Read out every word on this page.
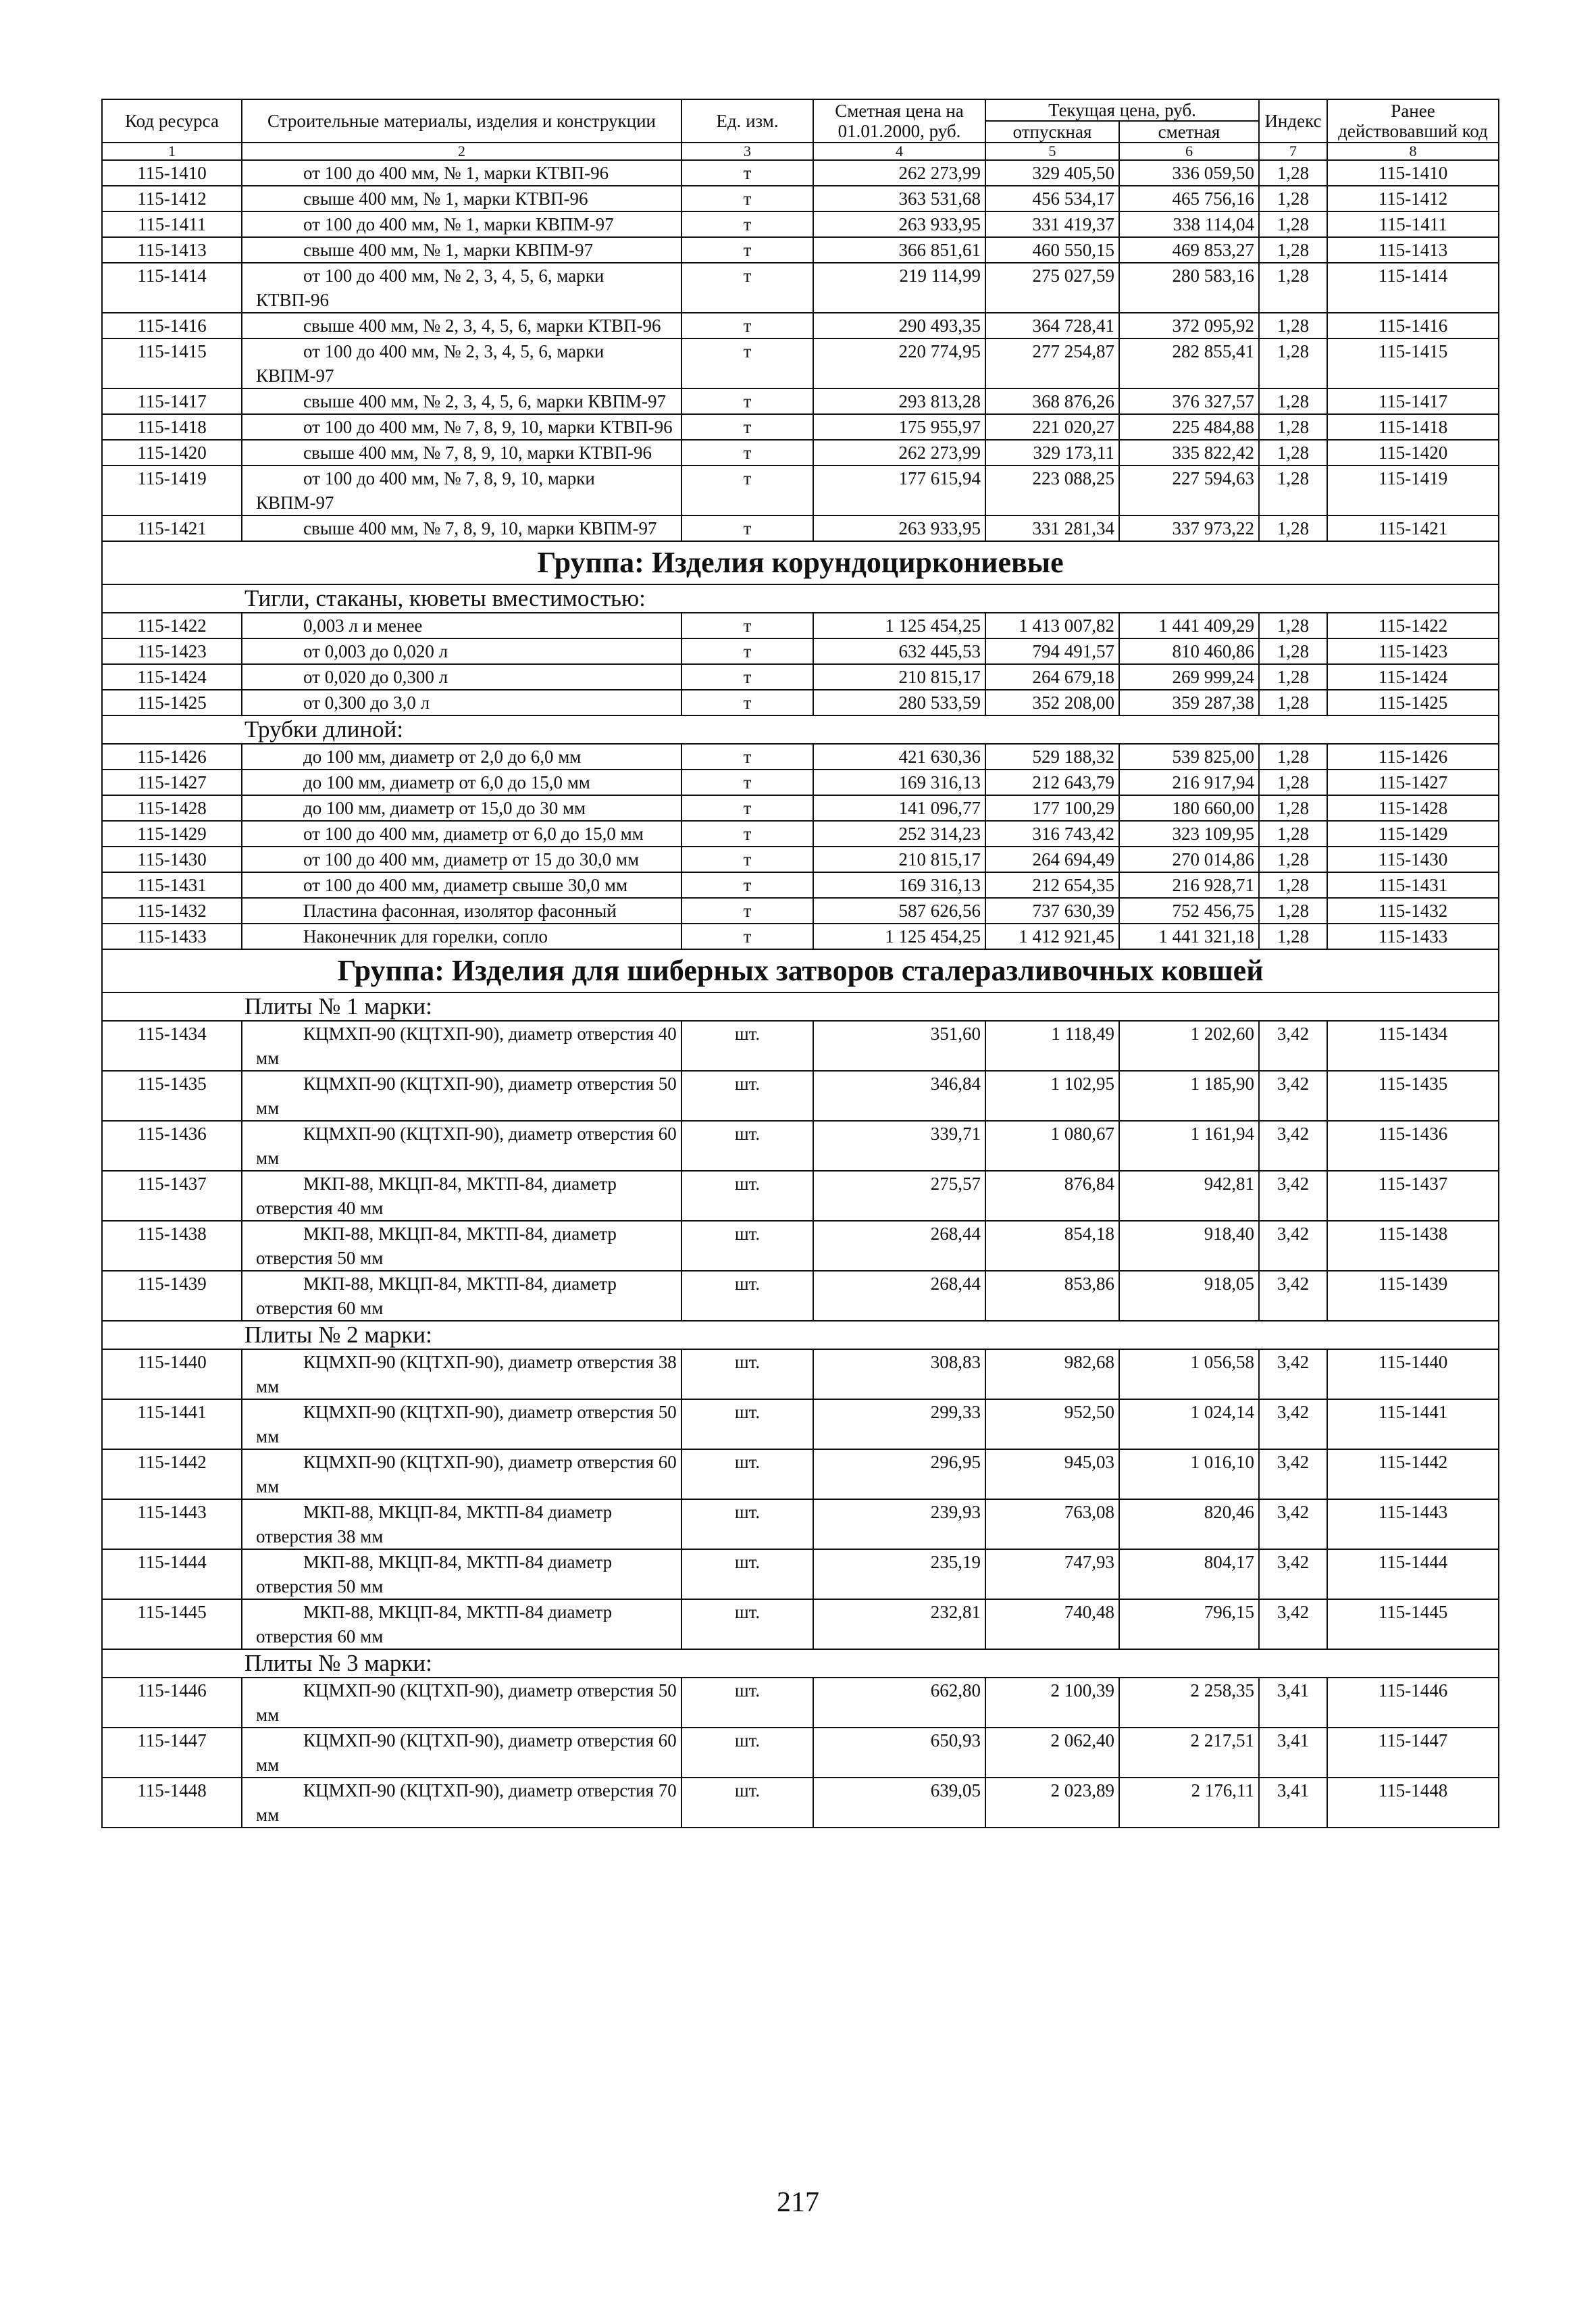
Код ресурса	Строительные материалы, изделия и конструкции	Ед. изм.	Сметная цена на 01.01.2000, руб.	Текущая цена, руб.		Индекс	Ранее действовавший код
				отпускная	сметная		
1	2	3	4	5	6	7	8
115-1410	от 100 до 400 мм, № 1, марки КТВП-96	т	262 273,99	329 405,50	336 059,50	1,28	115-1410
115-1412	свыше 400 мм, № 1, марки КТВП-96	т	363 531,68	456 534,17	465 756,16	1,28	115-1412
115-1411	от 100 до 400 мм, № 1, марки КВПМ-97	т	263 933,95	331 419,37	338 114,04	1,28	115-1411
115-1413	свыше 400 мм, № 1, марки КВПМ-97	т	366 851,61	460 550,15	469 853,27	1,28	115-1413
115-1414	от 100 до 400 мм, № 2, 3, 4, 5, 6, марки КТВП-96	т	219 114,99	275 027,59	280 583,16	1,28	115-1414
115-1416	свыше 400 мм, № 2, 3, 4, 5, 6, марки КТВП-96	т	290 493,35	364 728,41	372 095,92	1,28	115-1416
115-1415	от 100 до 400 мм, № 2, 3, 4, 5, 6, марки КВПМ-97	т	220 774,95	277 254,87	282 855,41	1,28	115-1415
115-1417	свыше 400 мм, № 2, 3, 4, 5, 6, марки КВПМ-97	т	293 813,28	368 876,26	376 327,57	1,28	115-1417
115-1418	от 100 до 400 мм, № 7, 8, 9, 10, марки КТВП-96	т	175 955,97	221 020,27	225 484,88	1,28	115-1418
115-1420	свыше 400 мм, № 7, 8, 9, 10, марки КТВП-96	т	262 273,99	329 173,11	335 822,42	1,28	115-1420
115-1419	от 100 до 400 мм, № 7, 8, 9, 10, марки КВПМ-97	т	177 615,94	223 088,25	227 594,63	1,28	115-1419
115-1421	свыше 400 мм, № 7, 8, 9, 10, марки КВПМ-97	т	263 933,95	331 281,34	337 973,22	1,28	115-1421
Группа: Изделия корундоциркониевые							
Тигли, стаканы, кюветы вместимостью:							
115-1422	0,003 л и менее	т	1 125 454,25	1 413 007,82	1 441 409,29	1,28	115-1422
115-1423	от 0,003 до 0,020 л	т	632 445,53	794 491,57	810 460,86	1,28	115-1423
115-1424	от 0,020 до 0,300 л	т	210 815,17	264 679,18	269 999,24	1,28	115-1424
115-1425	от 0,300 до 3,0 л	т	280 533,59	352 208,00	359 287,38	1,28	115-1425
Трубки длиной:							
115-1426	до 100 мм, диаметр от 2,0 до 6,0 мм	т	421 630,36	529 188,32	539 825,00	1,28	115-1426
115-1427	до 100 мм, диаметр от 6,0 до 15,0 мм	т	169 316,13	212 643,79	216 917,94	1,28	115-1427
115-1428	до 100 мм, диаметр от 15,0 до 30 мм	т	141 096,77	177 100,29	180 660,00	1,28	115-1428
115-1429	от 100 до 400 мм, диаметр от 6,0 до 15,0 мм	т	252 314,23	316 743,42	323 109,95	1,28	115-1429
115-1430	от 100 до 400 мм, диаметр от 15 до 30,0 мм	т	210 815,17	264 694,49	270 014,86	1,28	115-1430
115-1431	от 100 до 400 мм, диаметр свыше 30,0 мм	т	169 316,13	212 654,35	216 928,71	1,28	115-1431
115-1432	Пластина фасонная, изолятор фасонный	т	587 626,56	737 630,39	752 456,75	1,28	115-1432
115-1433	Наконечник для горелки, сопло	т	1 125 454,25	1 412 921,45	1 441 321,18	1,28	115-1433
Группа: Изделия для шиберных затворов сталеразливочных ковшей							
Плиты № 1 марки:							
115-1434	КЦМХП-90 (КЦТХП-90), диаметр отверстия 40 мм	шт.	351,60	1 118,49	1 202,60	3,42	115-1434
115-1435	КЦМХП-90 (КЦТХП-90), диаметр отверстия 50 мм	шт.	346,84	1 102,95	1 185,90	3,42	115-1435
115-1436	КЦМХП-90 (КЦТХП-90), диаметр отверстия 60 мм	шт.	339,71	1 080,67	1 161,94	3,42	115-1436
115-1437	МКП-88, МКЦП-84, МКТП-84, диаметр отверстия 40 мм	шт.	275,57	876,84	942,81	3,42	115-1437
115-1438	МКП-88, МКЦП-84, МКТП-84, диаметр отверстия 50 мм	шт.	268,44	854,18	918,40	3,42	115-1438
115-1439	МКП-88, МКЦП-84, МКТП-84, диаметр отверстия 60 мм	шт.	268,44	853,86	918,05	3,42	115-1439
Плиты № 2 марки:							
115-1440	КЦМХП-90 (КЦТХП-90), диаметр отверстия 38 мм	шт.	308,83	982,68	1 056,58	3,42	115-1440
115-1441	КЦМХП-90 (КЦТХП-90), диаметр отверстия 50 мм	шт.	299,33	952,50	1 024,14	3,42	115-1441
115-1442	КЦМХП-90 (КЦТХП-90), диаметр отверстия 60 мм	шт.	296,95	945,03	1 016,10	3,42	115-1442
115-1443	МКП-88, МКЦП-84, МКТП-84 диаметр отверстия 38 мм	шт.	239,93	763,08	820,46	3,42	115-1443
115-1444	МКП-88, МКЦП-84, МКТП-84 диаметр отверстия 50 мм	шт.	235,19	747,93	804,17	3,42	115-1444
115-1445	МКП-88, МКЦП-84, МКТП-84 диаметр отверстия 60 мм	шт.	232,81	740,48	796,15	3,42	115-1445
Плиты № 3 марки:							
115-1446	КЦМХП-90 (КЦТХП-90), диаметр отверстия 50 мм	шт.	662,80	2 100,39	2 258,35	3,41	115-1446
115-1447	КЦМХП-90 (КЦТХП-90), диаметр отверстия 60 мм	шт.	650,93	2 062,40	2 217,51	3,41	115-1447
115-1448	КЦМХП-90 (КЦТХП-90), диаметр отверстия 70 мм	шт.	639,05	2 023,89	2 176,11	3,41	115-1448
217
